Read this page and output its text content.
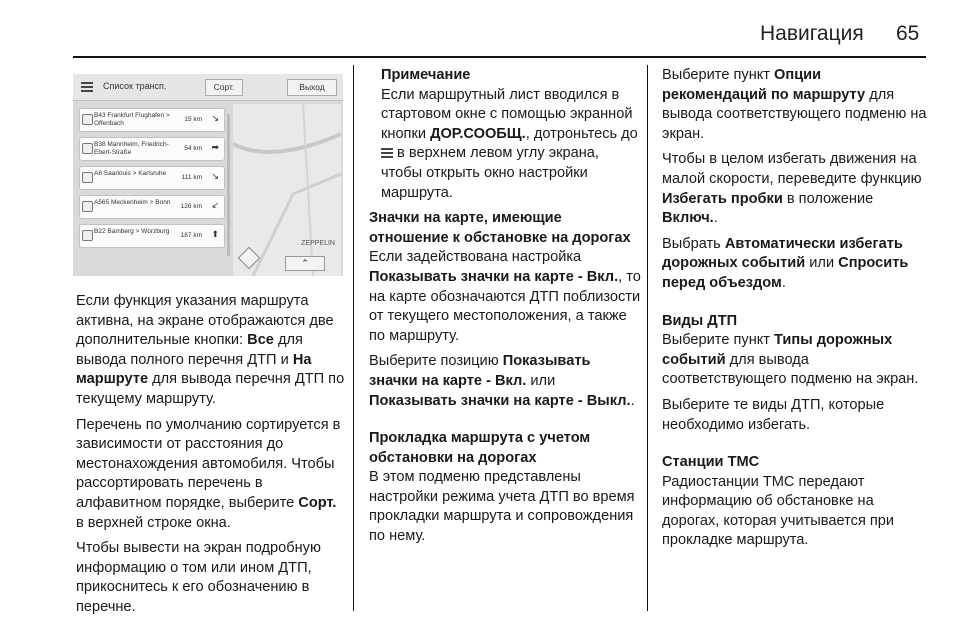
Навигация 65
Список трансп.	Сорт.	Выход
B43 Frankfurt Flughafen > Offenbach
15 km ↘
B38 Mannheim, Friedrich-Ebert-Straße
54 km ➡
A8 Saarlouis > Karlsruhe
111 km ↘
A565 Meckenheim > Bonn
126 km ↙
B22 Bamberg > Würzburg
187 km ⬆
ZEPPELIN
⌃

Если функция указания маршрута активна, на экране отображаются две дополнительные кнопки: Все для вывода полного перечня ДТП и На маршруте для вывода перечня ДТП по текущему маршруту.

Перечень по умолчанию сортируется в зависимости от расстояния до местонахождения автомобиля. Чтобы рассортировать перечень в алфавитном порядке, выберите Сорт. в верхней строке окна.

Чтобы вывести на экран подробную информацию о том или ином ДТП, прикоснитесь к его обозначению в перечне.

Примечание

Если маршрутный лист вводился в стартовом окне с помощью экранной кнопки ДОР.СООБЩ., дотроньтесь до  в верхнем левом углу экрана, чтобы открыть окно настройки маршрута.

Значки на карте, имеющие отношение к обстановке на дорогах

Если задействована настройка Показывать значки на карте - Вкл., то на карте обозначаются ДТП поблизости от текущего местоположения, а также по маршруту.

Выберите позицию Показывать значки на карте - Вкл. или Показывать значки на карте - Выкл..

Прокладка маршрута с учетом обстановки на дорогах

В этом подменю представлены настройки режима учета ДТП во время прокладки маршрута и сопровождения по нему.

Выберите пункт Опции рекомендаций по маршруту для вывода соответствующего подменю на экран.

Чтобы в целом избегать движения на малой скорости, переведите функцию Избегать пробки в положение Включ..

Выбрать Автоматически избегать дорожных событий или Спросить перед объездом.

Виды ДТП

Выберите пункт Типы дорожных событий для вывода соответствующего подменю на экран.

Выберите те виды ДТП, которые необходимо избегать.

Станции TMC

Радиостанции TMC передают информацию об обстановке на дорогах, которая учитывается при прокладке маршрута.
